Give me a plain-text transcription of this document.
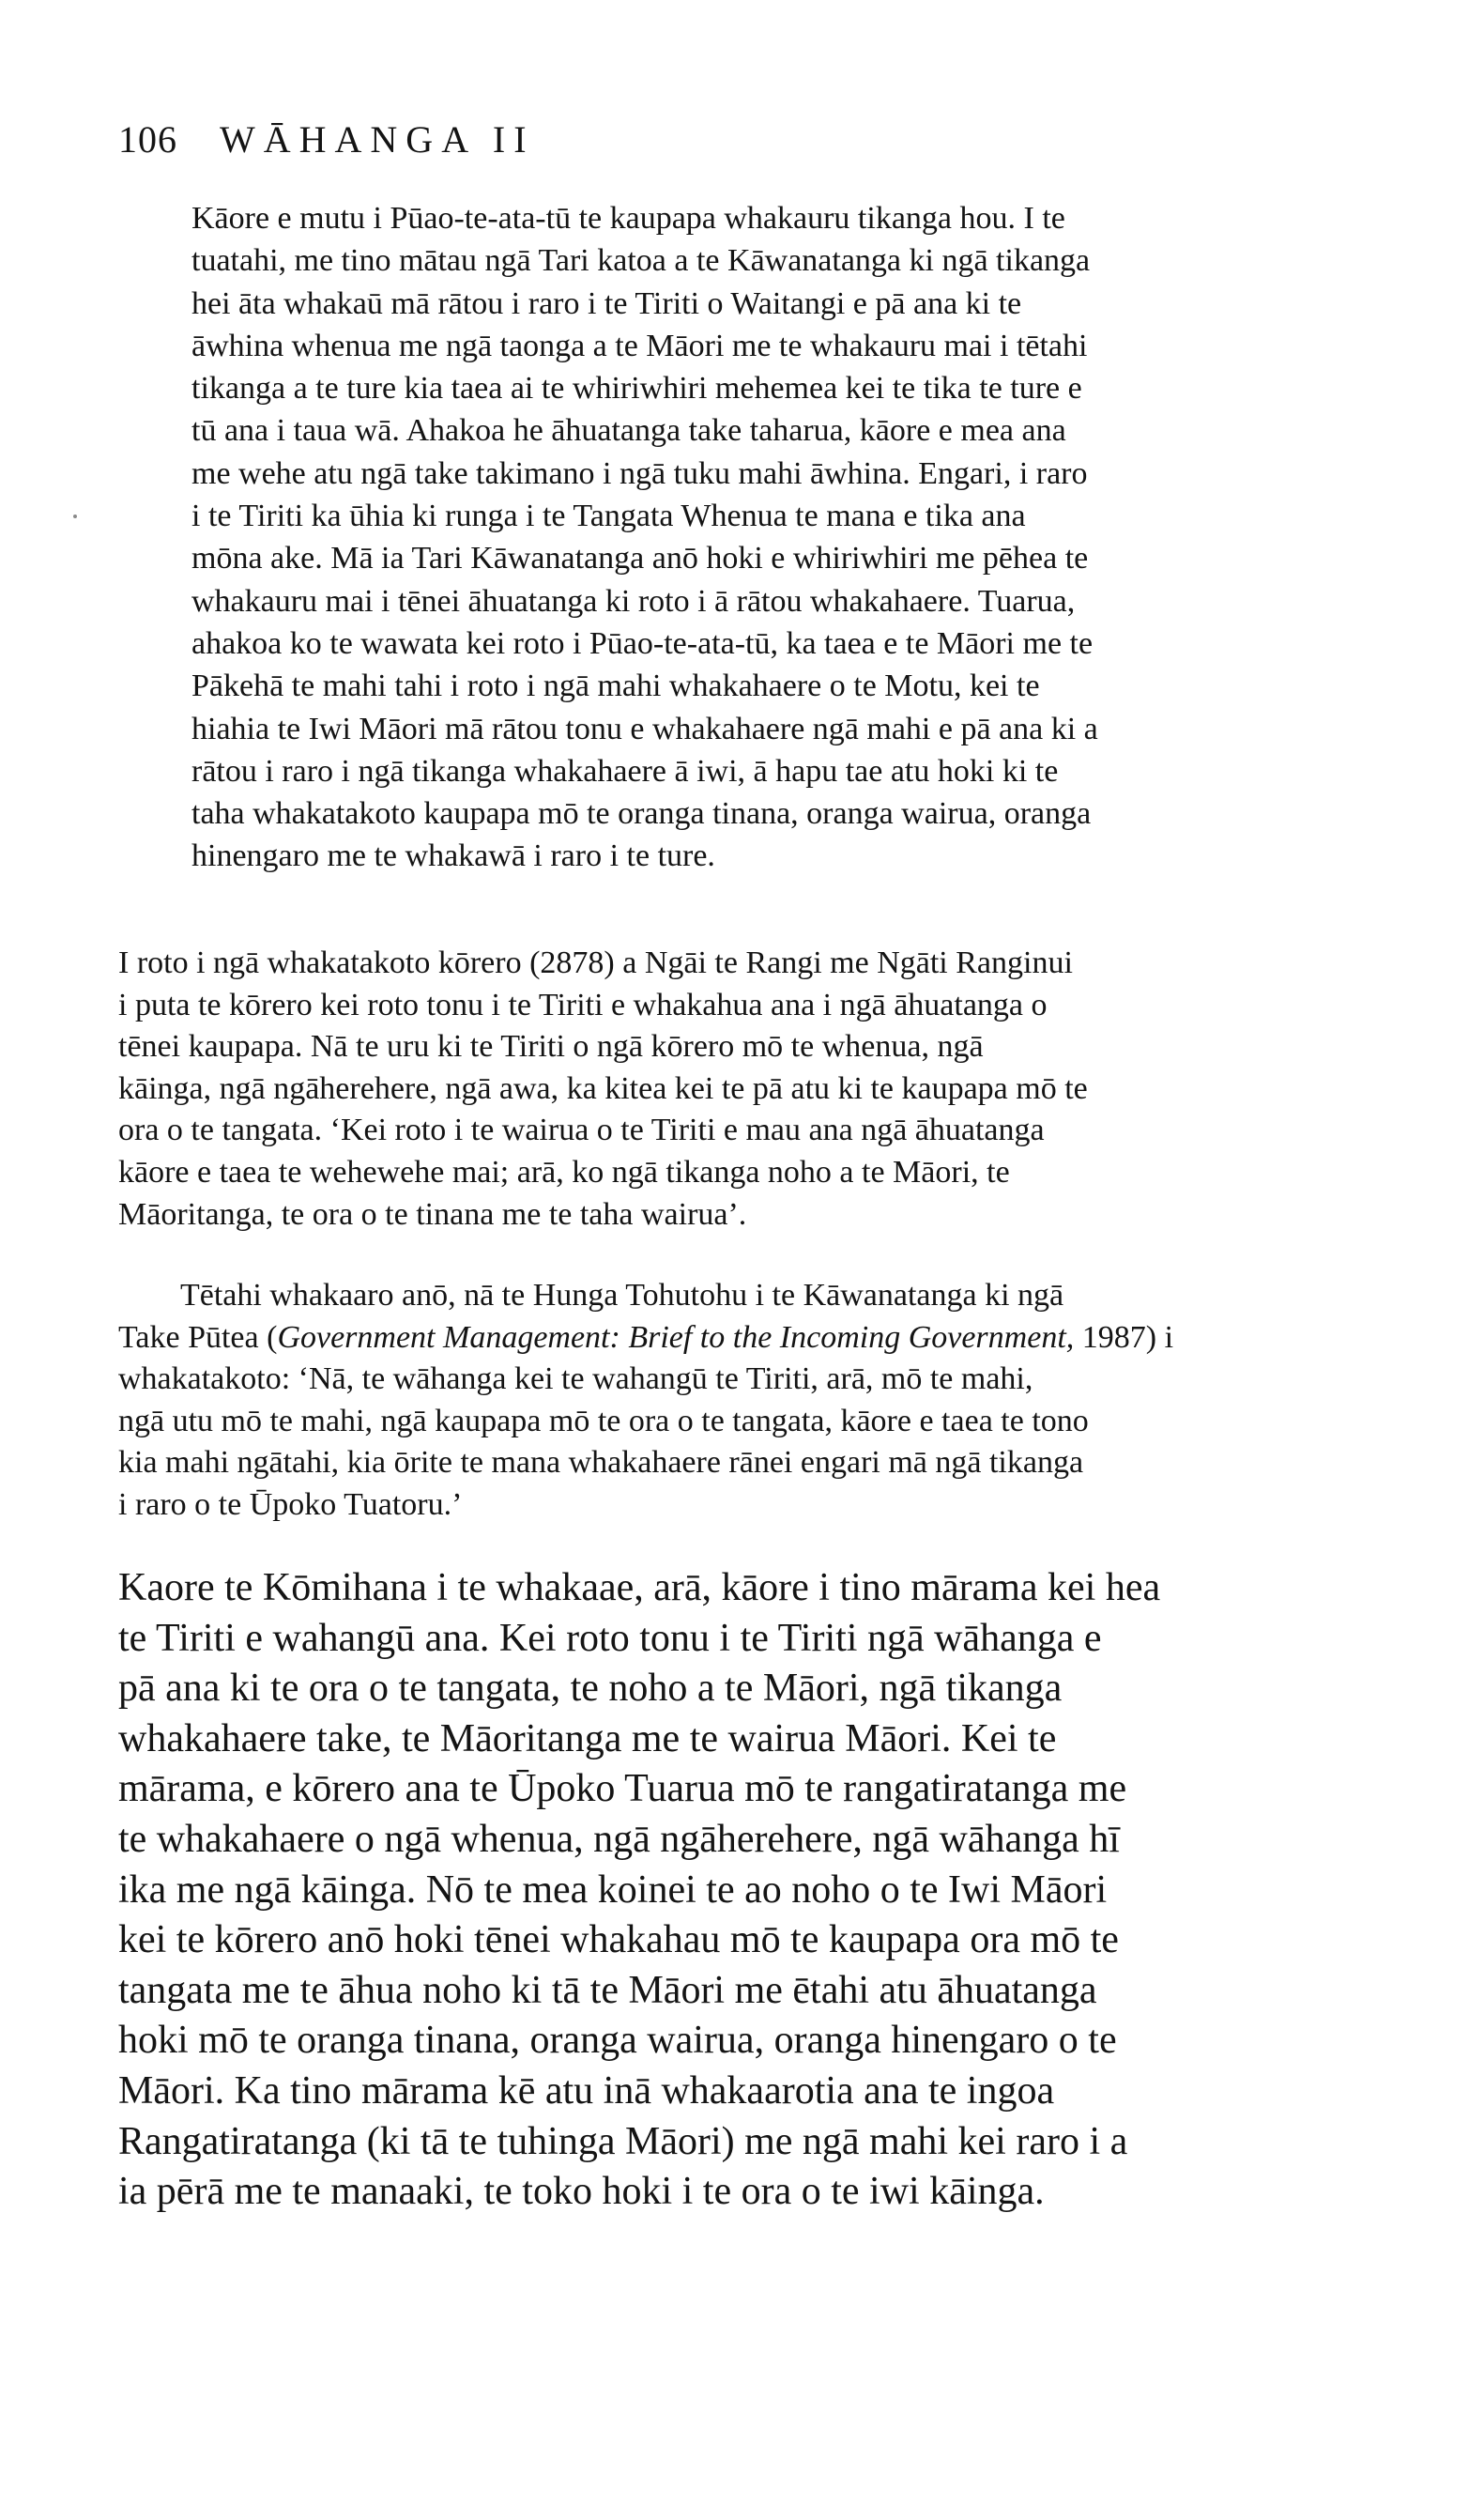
106 WĀHANGA II
Kāore e mutu i Pūao-te-ata-tū te kaupapa whakauru tikanga hou. I te
tuatahi, me tino mātau ngā Tari katoa a te Kāwanatanga ki ngā tikanga
hei āta whakaū mā rātou i raro i te Tiriti o Waitangi e pā ana ki te
āwhina whenua me ngā taonga a te Māori me te whakauru mai i tētahi
tikanga a te ture kia taea ai te whiriwhiri mehemea kei te tika te ture e
tū ana i taua wā. Ahakoa he āhuatanga take taharua, kāore e mea ana
me wehe atu ngā take takimano i ngā tuku mahi āwhina. Engari, i raro
i te Tiriti ka ūhia ki runga i te Tangata Whenua te mana e tika ana
mōna ake. Mā ia Tari Kāwanatanga anō hoki e whiriwhiri me pēhea te
whakauru mai i tēnei āhuatanga ki roto i ā rātou whakahaere. Tuarua,
ahakoa ko te wawata kei roto i Pūao-te-ata-tū, ka taea e te Māori me te
Pākehā te mahi tahi i roto i ngā mahi whakahaere o te Motu, kei te
hiahia te Iwi Māori mā rātou tonu e whakahaere ngā mahi e pā ana ki a
rātou i raro i ngā tikanga whakahaere ā iwi, ā hapu tae atu hoki ki te
taha whakatakoto kaupapa mō te oranga tinana, oranga wairua, oranga
hinengaro me te whakawā i raro i te ture.
I roto i ngā whakatakoto kōrero (2878) a Ngāi te Rangi me Ngāti Ranginui
i puta te kōrero kei roto tonu i te Tiriti e whakahua ana i ngā āhuatanga o
tēnei kaupapa. Nā te uru ki te Tiriti o ngā kōrero mō te whenua, ngā
kāinga, ngā ngāherehere, ngā awa, ka kitea kei te pā atu ki te kaupapa mō te
ora o te tangata. ‘Kei roto i te wairua o te Tiriti e mau ana ngā āhuatanga
kāore e taea te wehewehe mai; arā, ko ngā tikanga noho a te Māori, te
Māoritanga, te ora o te tinana me te taha wairua’.
Tētahi whakaaro anō, nā te Hunga Tohutohu i te Kāwanatanga ki ngā
Take Pūtea (Government Management: Brief to the Incoming Government, 1987) i
whakatakoto: ‘Nā, te wāhanga kei te wahangū te Tiriti, arā, mō te mahi,
ngā utu mō te mahi, ngā kaupapa mō te ora o te tangata, kāore e taea te tono
kia mahi ngātahi, kia ōrite te mana whakahaere rānei engari mā ngā tikanga
i raro o te Ūpoko Tuatoru.’
Kaore te Kōmihana i te whakaae, arā, kāore i tino mārama kei hea
te Tiriti e wahangū ana. Kei roto tonu i te Tiriti ngā wāhanga e
pā ana ki te ora o te tangata, te noho a te Māori, ngā tikanga
whakahaere take, te Māoritanga me te wairua Māori. Kei te
mārama, e kōrero ana te Ūpoko Tuarua mō te rangatiratanga me
te whakahaere o ngā whenua, ngā ngāherehere, ngā wāhanga hī
ika me ngā kāinga. Nō te mea koinei te ao noho o te Iwi Māori
kei te kōrero anō hoki tēnei whakahau mō te kaupapa ora mō te
tangata me te āhua noho ki tā te Māori me ētahi atu āhuatanga
hoki mō te oranga tinana, oranga wairua, oranga hinengaro o te
Māori. Ka tino mārama kē atu inā whakaarotia ana te ingoa
Rangatiratanga (ki tā te tuhinga Māori) me ngā mahi kei raro i a
ia pērā me te manaaki, te toko hoki i te ora o te iwi kāinga.
